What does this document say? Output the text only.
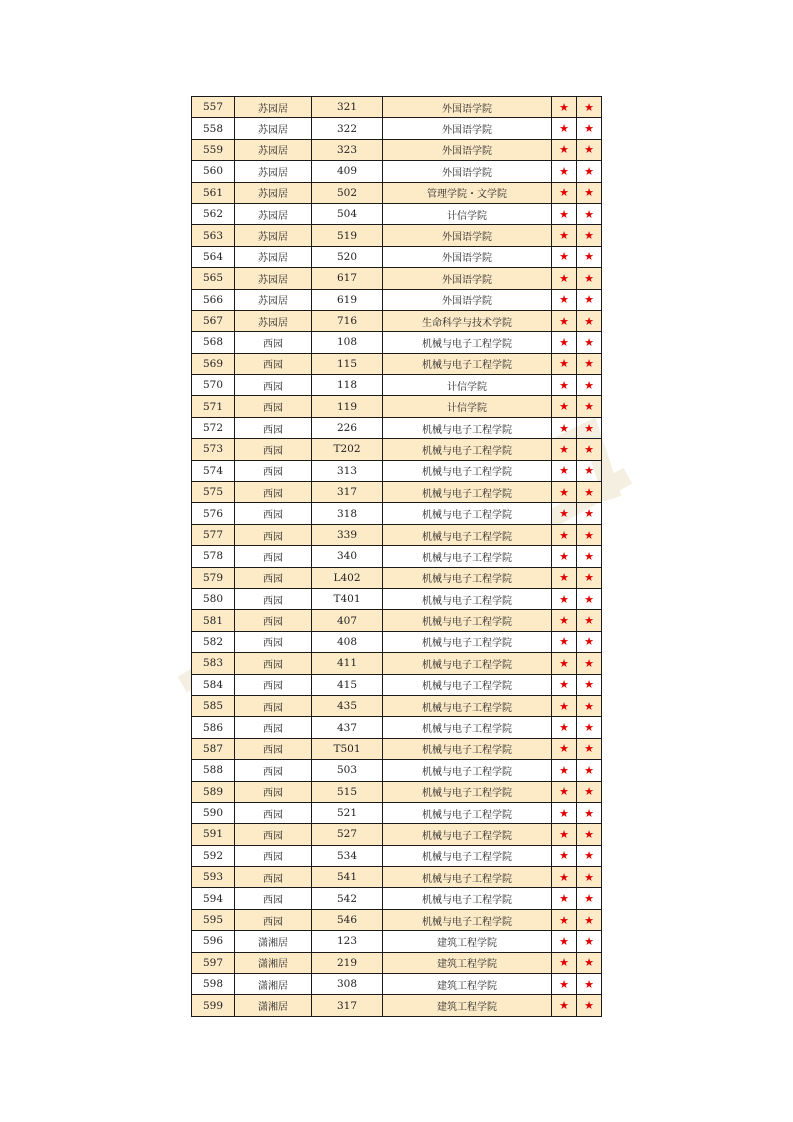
557	苏园居	321	外国语学院	★	★
558	苏园居	322	外国语学院	★	★
559	苏园居	323	外国语学院	★	★
560	苏园居	409	外国语学院	★	★
561	苏园居	502	管理学院・文学院	★	★
562	苏园居	504	计信学院	★	★
563	苏园居	519	外国语学院	★	★
564	苏园居	520	外国语学院	★	★
565	苏园居	617	外国语学院	★	★
566	苏园居	619	外国语学院	★	★
567	苏园居	716	生命科学与技术学院	★	★
568	西园	108	机械与电子工程学院	★	★
569	西园	115	机械与电子工程学院	★	★
570	西园	118	计信学院	★	★
571	西园	119	计信学院	★	★
572	西园	226	机械与电子工程学院	★	★
573	西园	T202	机械与电子工程学院	★	★
574	西园	313	机械与电子工程学院	★	★
575	西园	317	机械与电子工程学院	★	★
576	西园	318	机械与电子工程学院	★	★
577	西园	339	机械与电子工程学院	★	★
578	西园	340	机械与电子工程学院	★	★
579	西园	L402	机械与电子工程学院	★	★
580	西园	T401	机械与电子工程学院	★	★
581	西园	407	机械与电子工程学院	★	★
582	西园	408	机械与电子工程学院	★	★
583	西园	411	机械与电子工程学院	★	★
584	西园	415	机械与电子工程学院	★	★
585	西园	435	机械与电子工程学院	★	★
586	西园	437	机械与电子工程学院	★	★
587	西园	T501	机械与电子工程学院	★	★
588	西园	503	机械与电子工程学院	★	★
589	西园	515	机械与电子工程学院	★	★
590	西园	521	机械与电子工程学院	★	★
591	西园	527	机械与电子工程学院	★	★
592	西园	534	机械与电子工程学院	★	★
593	西园	541	机械与电子工程学院	★	★
594	西园	542	机械与电子工程学院	★	★
595	西园	546	机械与电子工程学院	★	★
596	潇湘居	123	建筑工程学院	★	★
597	潇湘居	219	建筑工程学院	★	★
598	潇湘居	308	建筑工程学院	★	★
599	潇湘居	317	建筑工程学院	★	★
